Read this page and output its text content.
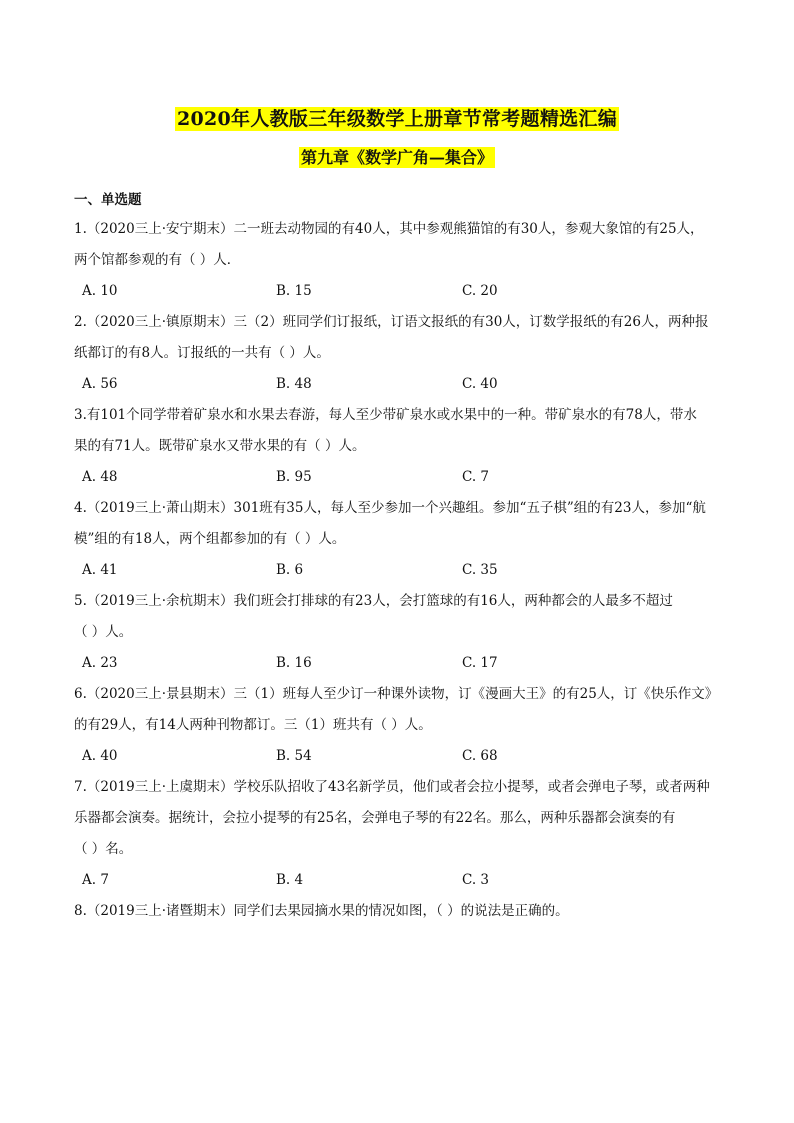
2020年人教版三年级数学上册章节常考题精选汇编
第九章《数学广角—集合》
一、单选题
1.（2020三上·安宁期末）二一班去动物园的有40人，其中参观熊猫馆的有30人，参观大象馆的有25人，
两个馆都参观的有（ ）人．
A. 10	B. 15	C. 20
2.（2020三上·镇原期末）三（2）班同学们订报纸，订语文报纸的有30人，订数学报纸的有26人，两种报
纸都订的有8人。订报纸的一共有（ ）人。
A. 56	B. 48	C. 40
3.有101个同学带着矿泉水和水果去春游，每人至少带矿泉水或水果中的一种。带矿泉水的有78人，带水
果的有71人。既带矿泉水又带水果的有（ ）人。
A. 48	B. 95	C. 7
4.（2019三上·萧山期末）301班有35人，每人至少参加一个兴趣组。参加“五子棋”组的有23人，参加“航
模”组的有18人，两个组都参加的有（ ）人。
A. 41	B. 6	C. 35
5.（2019三上·余杭期末）我们班会打排球的有23人，会打篮球的有16人，两种都会的人最多不超过
（ ）人。
A. 23	B. 16	C. 17
6.（2020三上·景县期末）三（1）班每人至少订一种课外读物，订《漫画大王》的有25人，订《快乐作文》
的有29人，有14人两种刊物都订。三（1）班共有（ ）人。
A. 40	B. 54	C. 68
7.（2019三上·上虞期末）学校乐队招收了43名新学员，他们或者会拉小提琴，或者会弹电子琴，或者两种
乐器都会演奏。据统计，会拉小提琴的有25名，会弹电子琴的有22名。那么，两种乐器都会演奏的有
（ ）名。
A. 7	B. 4	C. 3
8.（2019三上·诸暨期末）同学们去果园摘水果的情况如图，（ ）的说法是正确的。
